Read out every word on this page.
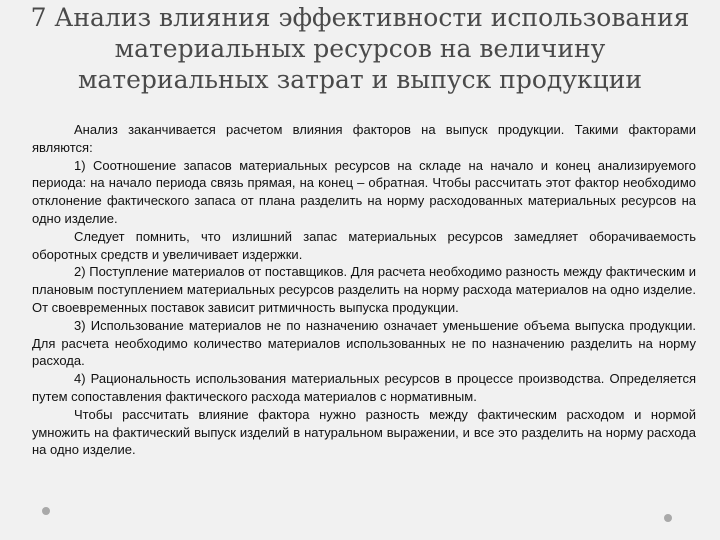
7 Анализ влияния эффективности использования материальных ресурсов на величину материальных затрат и выпуск продукции

Анализ заканчивается расчетом влияния факторов на выпуск продукции. Такими факторами являются:

1) Соотношение запасов материальных ресурсов на складе на начало и конец анализируемого периода: на начало периода связь прямая, на конец – обратная. Чтобы рассчитать этот фактор необходимо отклонение фактического запаса от плана разделить на норму расходованных материальных ресурсов на одно изделие.

Следует помнить, что излишний запас материальных ресурсов замедляет оборачиваемость оборотных средств и увеличивает издержки.

2) Поступление материалов от поставщиков. Для расчета необходимо разность между фактическим и плановым поступлением материальных ресурсов разделить на норму расхода материалов на одно изделие. От своевременных поставок зависит ритмичность выпуска продукции.

3) Использование материалов не по назначению означает уменьшение объема выпуска продукции. Для расчета необходимо количество материалов использованных не по назначению разделить на норму расхода.

4) Рациональность использования материальных ресурсов в процессе производства. Определяется путем сопоставления фактического расхода материалов с нормативным.

Чтобы рассчитать влияние фактора нужно разность между фактическим расходом и нормой умножить на фактический выпуск изделий в натуральном выражении, и все это разделить на норму расхода на одно изделие.
